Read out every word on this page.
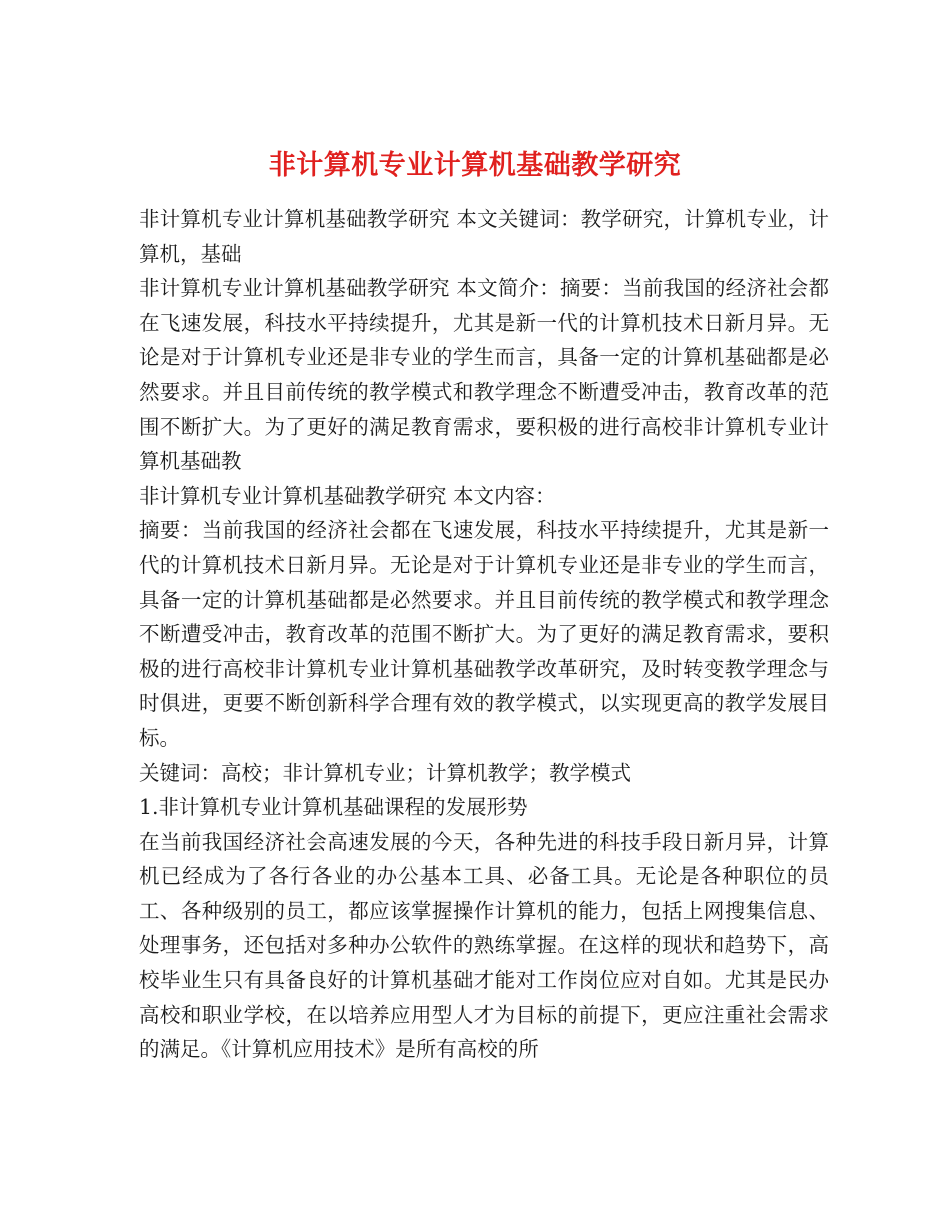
非计算机专业计算机基础教学研究

非计算机专业计算机基础教学研究 本文关键词：教学研究，计算机专业，计算机，基础

非计算机专业计算机基础教学研究 本文简介：摘要：当前我国的经济社会都在飞速发展，科技水平持续提升，尤其是新一代的计算机技术日新月异。无论是对于计算机专业还是非专业的学生而言，具备一定的计算机基础都是必然要求。并且目前传统的教学模式和教学理念不断遭受冲击，教育改革的范围不断扩大。为了更好的满足教育需求，要积极的进行高校非计算机专业计算机基础教

非计算机专业计算机基础教学研究 本文内容：

摘要：当前我国的经济社会都在飞速发展，科技水平持续提升，尤其是新一代的计算机技术日新月异。无论是对于计算机专业还是非专业的学生而言，具备一定的计算机基础都是必然要求。并且目前传统的教学模式和教学理念不断遭受冲击，教育改革的范围不断扩大。为了更好的满足教育需求，要积极的进行高校非计算机专业计算机基础教学改革研究，及时转变教学理念与时俱进，更要不断创新科学合理有效的教学模式，以实现更高的教学发展目标。

关键词：高校；非计算机专业；计算机教学；教学模式

1.非计算机专业计算机基础课程的发展形势

在当前我国经济社会高速发展的今天，各种先进的科技手段日新月异，计算机已经成为了各行各业的办公基本工具、必备工具。无论是各种职位的员工、各种级别的员工，都应该掌握操作计算机的能力，包括上网搜集信息、处理事务，还包括对多种办公软件的熟练掌握。在这样的现状和趋势下，高校毕业生只有具备良好的计算机基础才能对工作岗位应对自如。尤其是民办高校和职业学校，在以培养应用型人才为目标的前提下，更应注重社会需求的满足。《计算机应用技术》是所有高校的所
